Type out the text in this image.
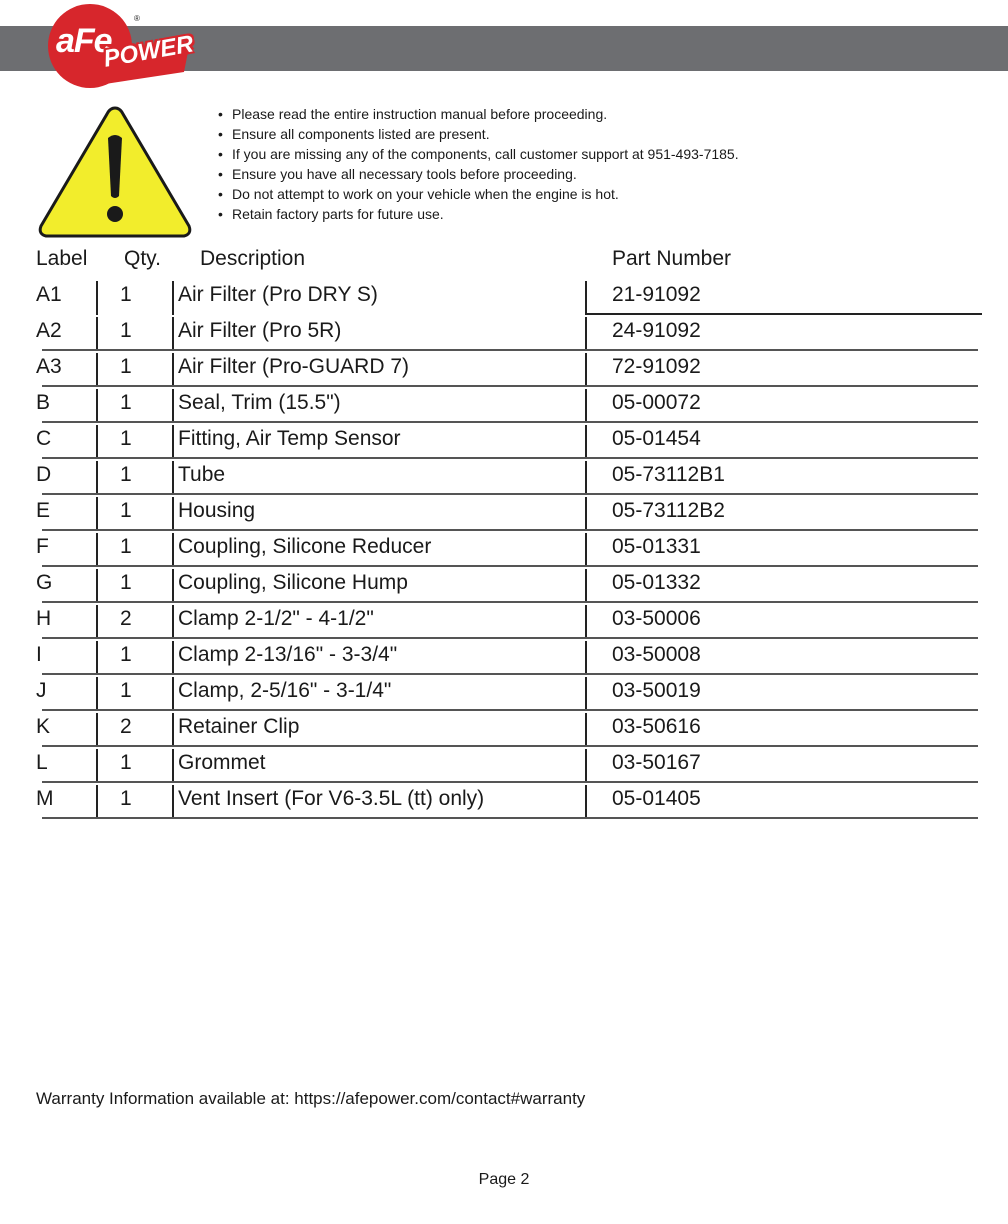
aFe
POWER
®
• Please read the entire instruction manual before proceeding.
• Ensure all components listed are present.
• If you are missing any of the components, call customer support at 951-493-7185.
• Ensure you have all necessary tools before proceeding.
• Do not attempt to work on your vehicle when the engine is hot.
• Retain factory parts for future use.
Label Qty. Description	Part Number
A1	1 Air Filter (Pro DRY S)	21-91092
A2	1 Air Filter (Pro 5R)	24-91092
A3	1 Air Filter (Pro-GUARD 7)	72-91092
B	1 Seal, Trim (15.5")	05-00072
C	1 Fitting, Air Temp Sensor	05-01454
D	1 Tube	05-73112B1
E	1 Housing	05-73112B2
F	1 Coupling, Silicone Reducer	05-01331
G	1 Coupling, Silicone Hump	05-01332
H	2 Clamp 2-1/2" - 4-1/2"	03-50006
I	1 Clamp 2-13/16" - 3-3/4"	03-50008
J	1 Clamp, 2-5/16" - 3-1/4"	03-50019
K	2 Retainer Clip	03-50616
L	1 Grommet	03-50167
M	1 Vent Insert (For V6-3.5L (tt) only)	05-01405
Warranty Information available at: https://afepower.com/contact#warranty
Page 2
